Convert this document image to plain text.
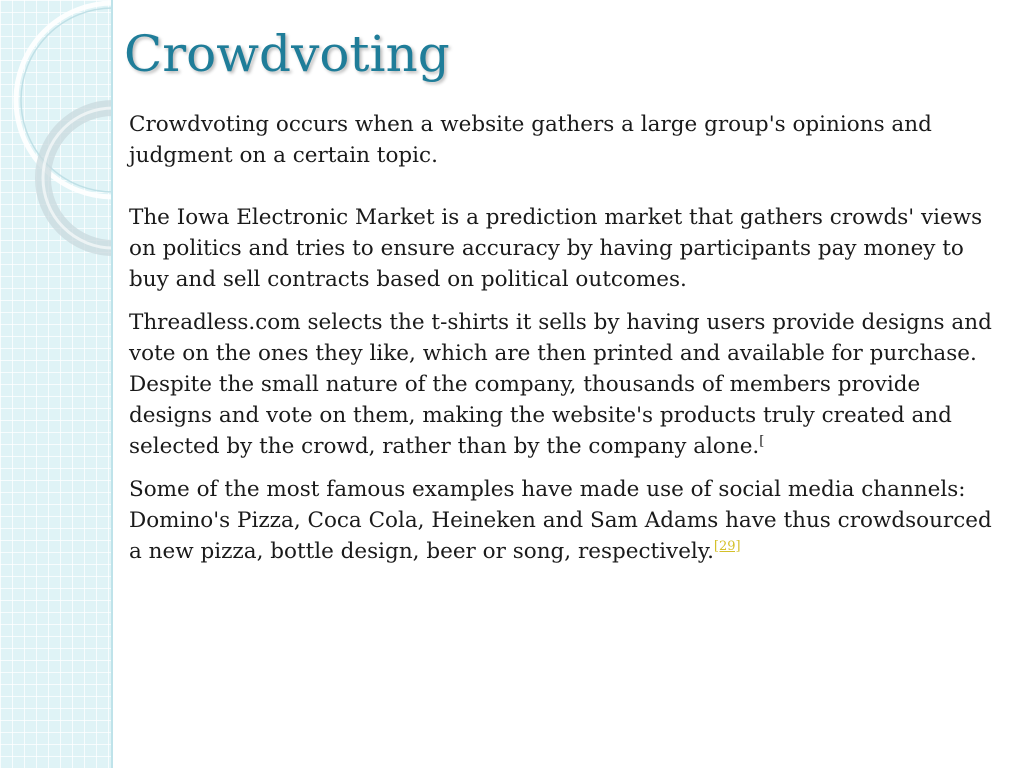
Crowdvoting

Crowdvoting occurs when a website gathers a large group's opinions and judgment on a certain topic.

The Iowa Electronic Market is a prediction market that gathers crowds' views on politics and tries to ensure accuracy by having participants pay money to buy and sell contracts based on political outcomes.

Threadless.com selects the t-shirts it sells by having users provide designs and vote on the ones they like, which are then printed and available for purchase. Despite the small nature of the company, thousands of members provide designs and vote on them, making the website's products truly created and selected by the crowd, rather than by the company alone.[

Some of the most famous examples have made use of social media channels: Domino's Pizza, Coca Cola, Heineken and Sam Adams have thus crowdsourced a new pizza, bottle design, beer or song, respectively.[29]
